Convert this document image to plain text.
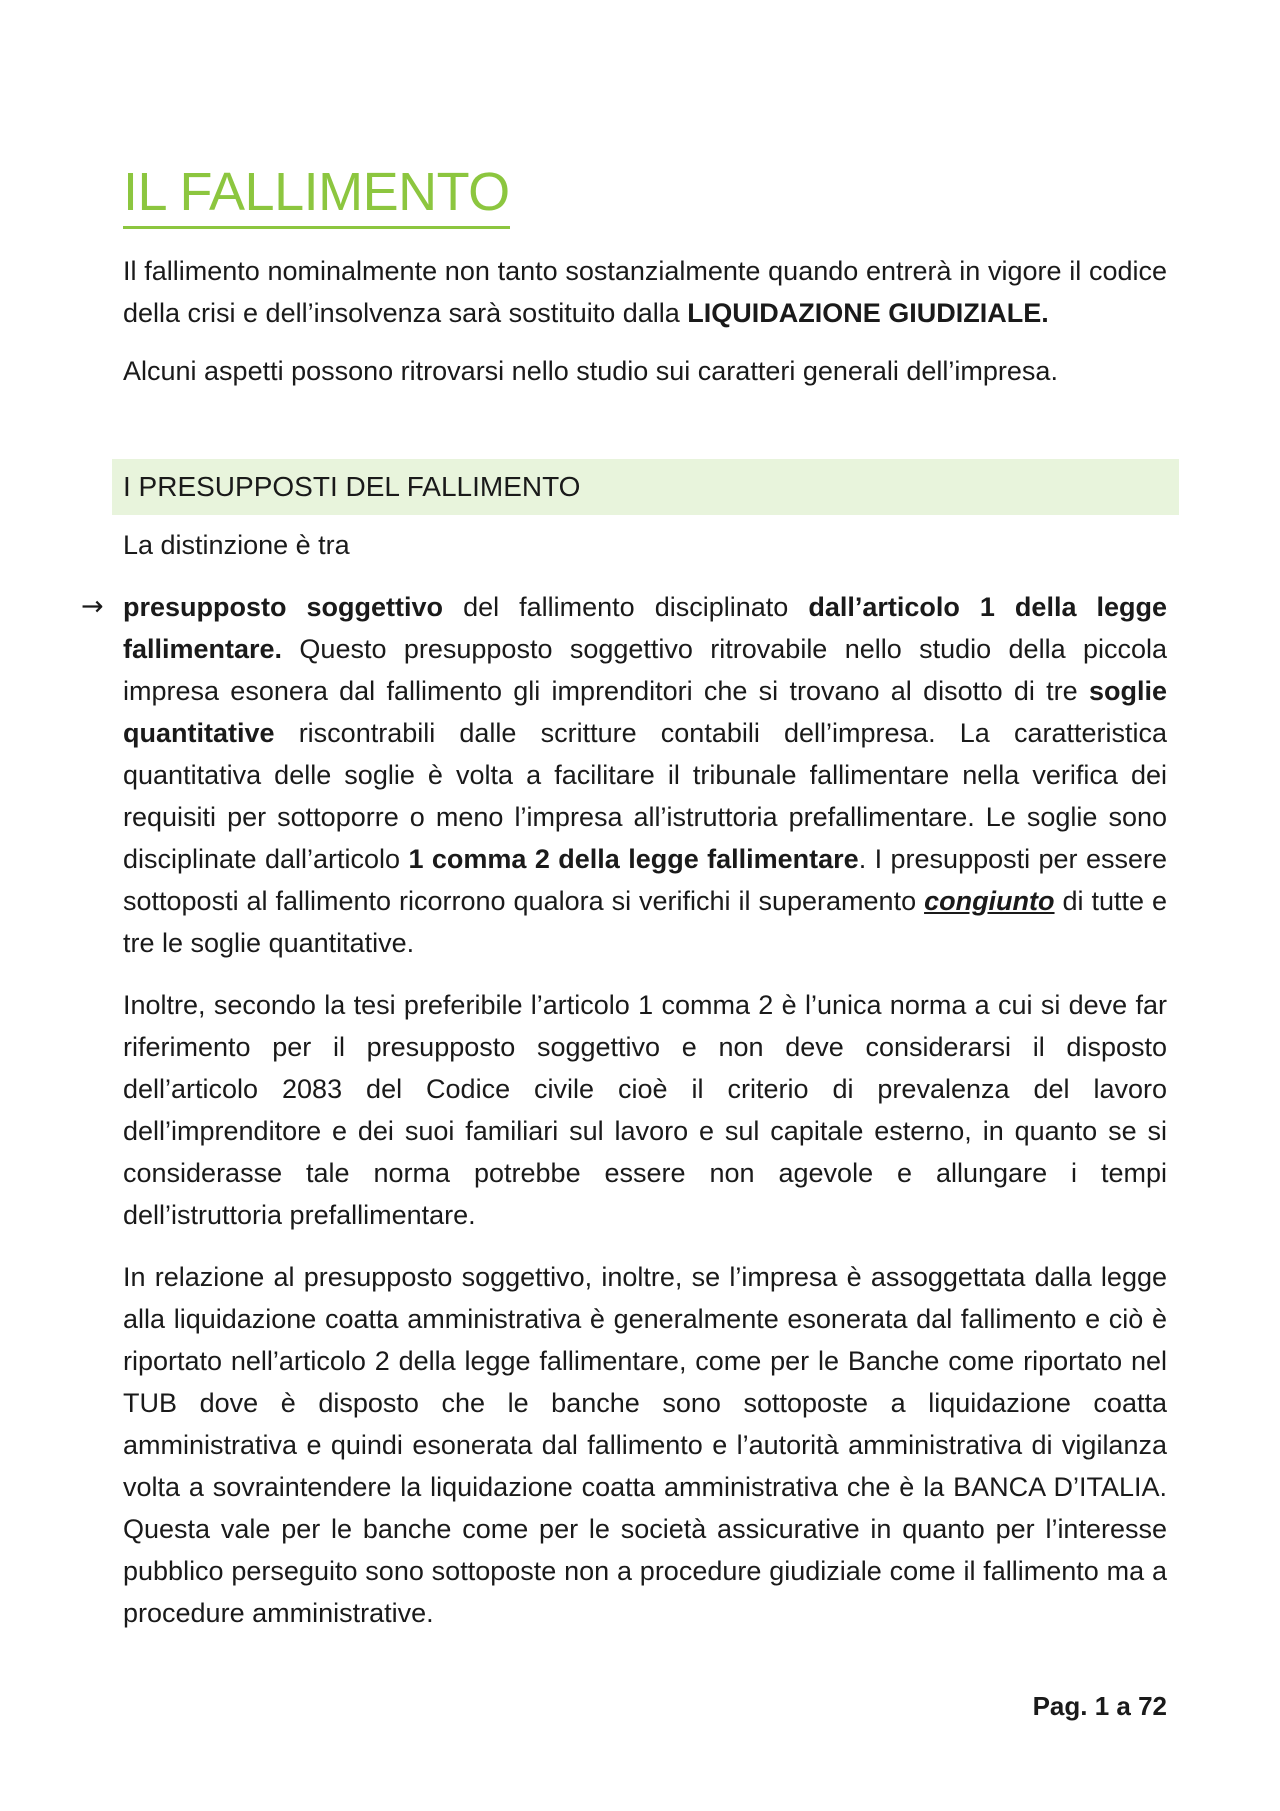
IL FALLIMENTO

Il fallimento nominalmente non tanto sostanzialmente quando entrerà in vigore il codice della crisi e dell’insolvenza sarà sostituito dalla LIQUIDAZIONE GIUDIZIALE.

Alcuni aspetti possono ritrovarsi nello studio sui caratteri generali dell’impresa.

I PRESUPPOSTI DEL FALLIMENTO

La distinzione è tra

→ presupposto soggettivo del fallimento disciplinato dall’articolo 1 della legge fallimentare. Questo presupposto soggettivo ritrovabile nello studio della piccola impresa esonera dal fallimento gli imprenditori che si trovano al disotto di tre soglie quantitative riscontrabili dalle scritture contabili dell’impresa. La caratteristica quantitativa delle soglie è volta a facilitare il tribunale fallimentare nella verifica dei requisiti per sottoporre o meno l’impresa all’istruttoria prefallimentare. Le soglie sono disciplinate dall’articolo 1 comma 2 della legge fallimentare. I presupposti per essere sottoposti al fallimento ricorrono qualora si verifichi il superamento congiunto di tutte e tre le soglie quantitative.

Inoltre, secondo la tesi preferibile l’articolo 1 comma 2 è l’unica norma a cui si deve far riferimento per il presupposto soggettivo e non deve considerarsi il disposto dell’articolo 2083 del Codice civile cioè il criterio di prevalenza del lavoro dell’imprenditore e dei suoi familiari sul lavoro e sul capitale esterno, in quanto se si considerasse tale norma potrebbe essere non agevole e allungare i tempi dell’istruttoria prefallimentare.

In relazione al presupposto soggettivo, inoltre, se l’impresa è assoggettata dalla legge alla liquidazione coatta amministrativa è generalmente esonerata dal fallimento e ciò è riportato nell’articolo 2 della legge fallimentare, come per le Banche come riportato nel TUB dove è disposto che le banche sono sottoposte a liquidazione coatta amministrativa e quindi esonerata dal fallimento e l’autorità amministrativa di vigilanza volta a sovraintendere la liquidazione coatta amministrativa che è la BANCA D’ITALIA. Questa vale per le banche come per le società assicurative in quanto per l’interesse pubblico perseguito sono sottoposte non a procedure giudiziale come il fallimento ma a procedure amministrative.

Pag. 1 a 72
